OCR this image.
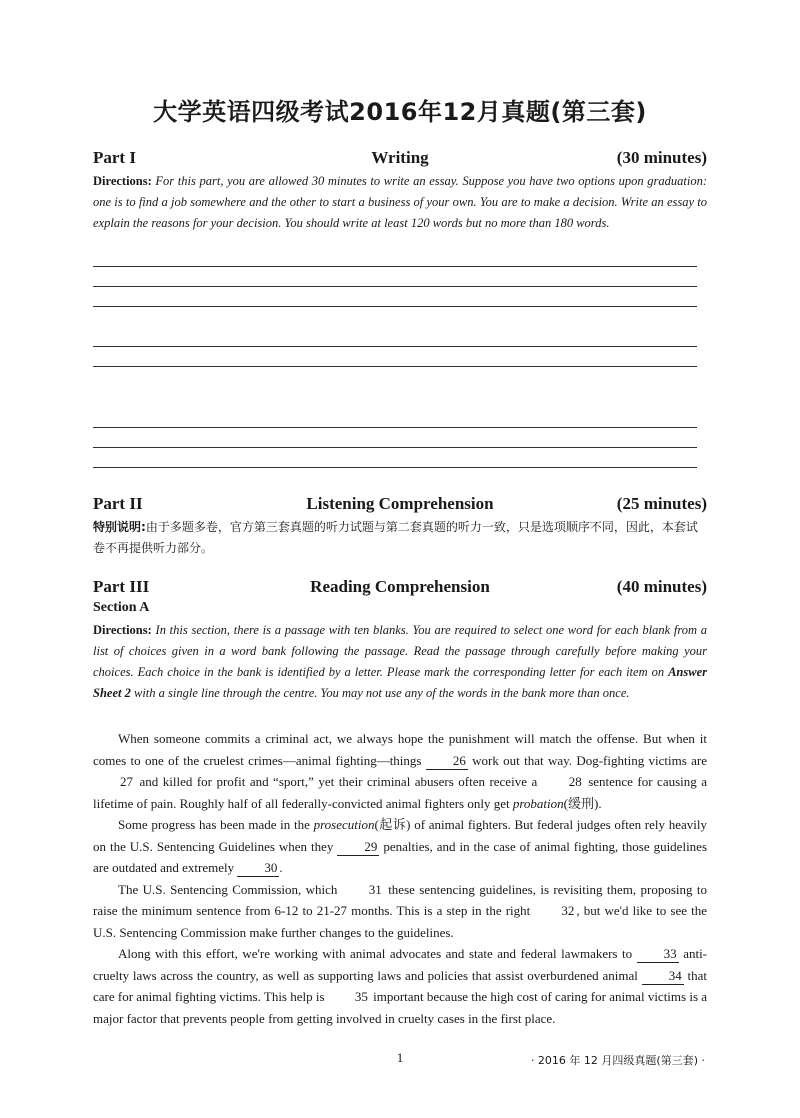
大学英语四级考试2016年12月真题(第三套)
Writing
Part I	(30 minutes)
Directions: For this part, you are allowed 30 minutes to write an essay. Suppose you have two options upon graduation: one is to find a job somewhere and the other to start a business of your own. You are to make a decision. Write an essay to explain the reasons for your decision. You should write at least 120 words but no more than 180 words.
Listening Comprehension
Part II	(25 minutes)
特别说明:由于多题多卷，官方第三套真题的听力试题与第二套真题的听力一致，只是选项顺序不同，因此，本套试卷不再提供听力部分。
Reading Comprehension
Part III	(40 minutes)
Section A
Directions: In this section, there is a passage with ten blanks. You are required to select one word for each blank from a list of choices given in a word bank following the passage. Read the passage through carefully before making your choices. Each choice in the bank is identified by a letter. Please mark the corresponding letter for each item on Answer Sheet 2 with a single line through the centre. You may not use any of the words in the bank more than once.

When someone commits a criminal act, we always hope the punishment will match the offense. But when it comes to one of the cruelest crimes—animal fighting—things 26 work out that way. Dog-fighting victims are 27 and killed for profit and “sport,” yet their criminal abusers often receive a 28 sentence for causing a lifetime of pain. Roughly half of all federally-convicted animal fighters only get probation(缓刑).

Some progress has been made in the prosecution(起诉) of animal fighters. But federal judges often rely heavily on the U.S. Sentencing Guidelines when they 29 penalties, and in the case of animal fighting, those guidelines are outdated and extremely 30 .

The U.S. Sentencing Commission, which 31 these sentencing guidelines, is revisiting them, proposing to raise the minimum sentence from 6-12 to 21-27 months. This is a step in the right 32 , but we'd like to see the U.S. Sentencing Commission make further changes to the guidelines.

Along with this effort, we're working with animal advocates and state and federal lawmakers to 33 anti-cruelty laws across the country, as well as supporting laws and policies that assist overburdened animal 34 that care for animal fighting victims. This help is 35 important because the high cost of caring for animal victims is a major factor that prevents people from getting involved in cruelty cases in the first place.

1	· 2016 年 12 月四级真题(第三套) ·
